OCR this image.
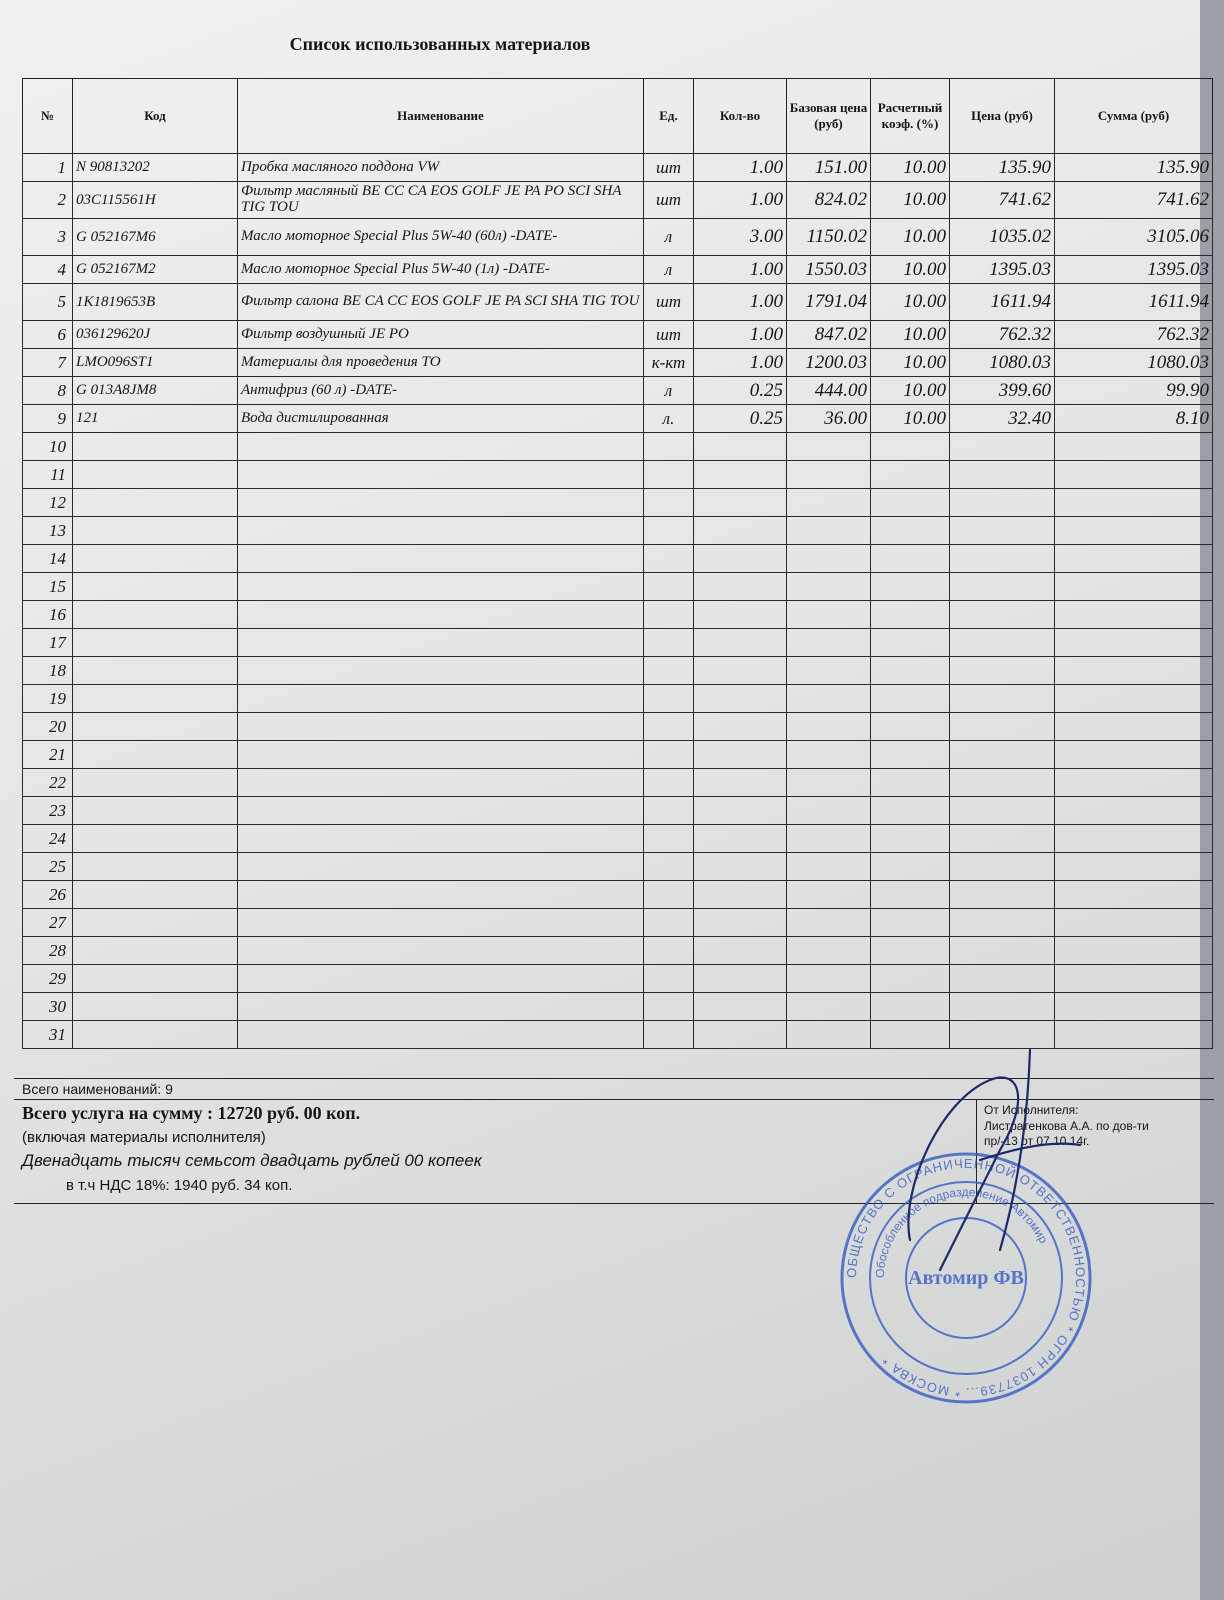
Список использованных материалов
№	Код	Наименование	Ед.	Кол-во	Базовая цена (руб)	Расчетный коэф. (%)	Цена (руб)	Сумма (руб)
1	N 90813202	Пробка масляного поддона VW	шт	1.00	151.00	10.00	135.90	135.90
2	03C115561H	Фильтр масляный BE CC CA EOS GOLF JE PA PO SCI SHA TIG TOU	шт	1.00	824.02	10.00	741.62	741.62
3	G 052167M6	Масло моторное Special Plus 5W-40 (60л) -DATE-	л	3.00	1150.02	10.00	1035.02	3105.06
4	G 052167M2	Масло моторное Special Plus 5W-40 (1л) -DATE-	л	1.00	1550.03	10.00	1395.03	1395.03
5	1K1819653B	Фильтр салона BE CA CC EOS GOLF JE PA SCI SHA TIG TOU	шт	1.00	1791.04	10.00	1611.94	1611.94
6	036129620J	Фильтр воздушный JE PO	шт	1.00	847.02	10.00	762.32	762.32
7	LMO096ST1	Материалы для проведения ТО	к-кт	1.00	1200.03	10.00	1080.03	1080.03
8	G 013A8JM8	Антифриз (60 л) -DATE-	л	0.25	444.00	10.00	399.60	99.90
9	121	Вода дистилированная	л.	0.25	36.00	10.00	32.40	8.10
10								
11								
12								
13								
14								
15								
16								
17								
18								
19								
20								
21								
22								
23								
24								
25								
26								
27								
28								
29								
30								
31								
Всего наименований: 9
Всего услуга на сумму : 12720 руб. 00 коп.
(включая материалы исполнителя)
Двенадцать тысяч семьсот двадцать рублей 00 копеек
в т.ч НДС 18%: 1940 руб. 34 коп.
От Исполнителя:
Листратенкова А.А. по дов-ти
пр/-13 от 07.10.14г.
ОБЩЕСТВО С ОГРАНИЧЕННОЙ ОТВЕТСТВЕННОСТЬЮ * ОГРН 1037739... * МОСКВА *
Обособленное подразделение Автомир
Автомир ФВ
